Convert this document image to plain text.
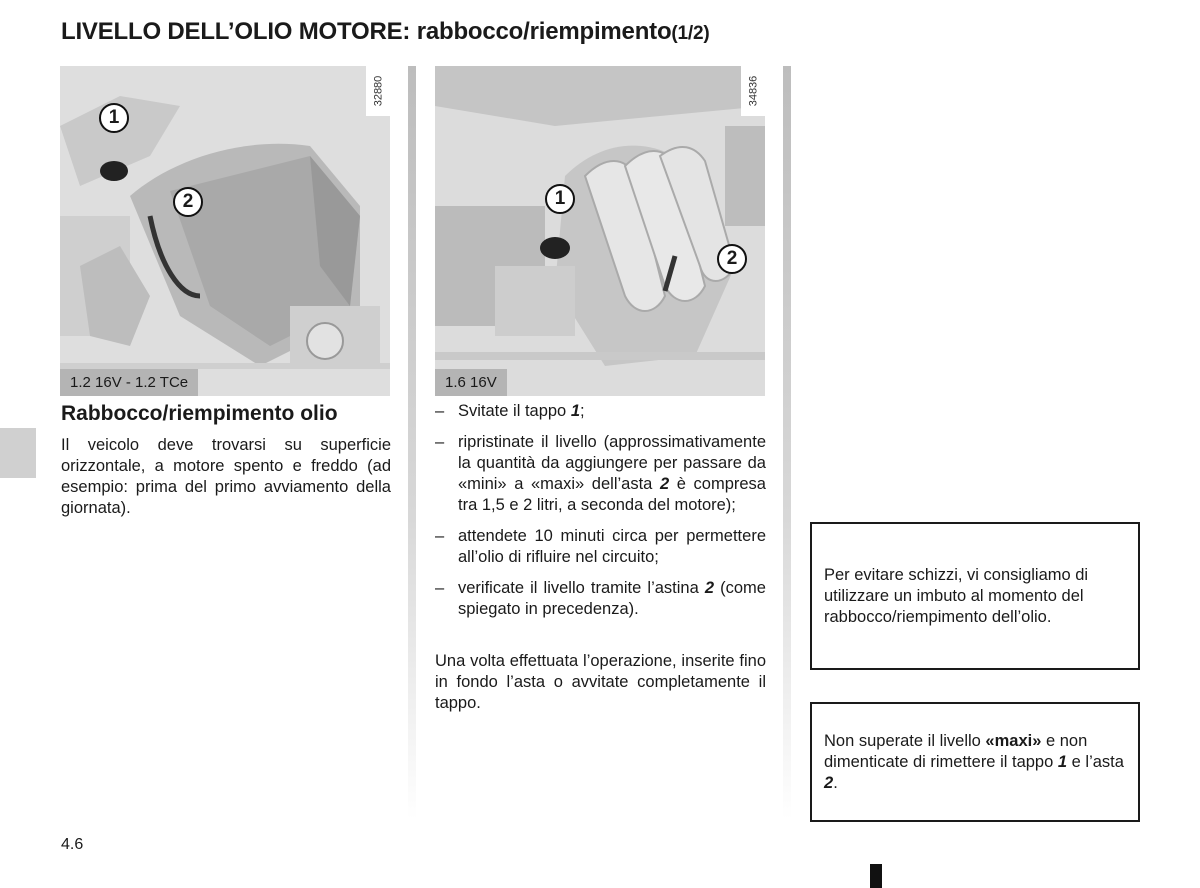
LIVELLO DELL’OLIO MOTORE: rabbocco/riempimento(1/2)
32880
1
2
1.2 16V - 1.2 TCe
34836
1
2
1.6 16V
Rabbocco/riempimento olio

Il veicolo deve trovarsi su superficie orizzontale, a motore spento e freddo (ad esempio: prima del primo avviamento della giornata).

– Svitate il tappo 1;
– ripristinate il livello (approssimativamente la quantità da aggiungere per passare da «mini» a «maxi» dell’asta 2 è compresa tra 1,5 e 2 litri, a seconda del motore);
– attendete 10 minuti circa per permettere all’olio di rifluire nel circuito;
– verificate il livello tramite l’astina 2 (come spiegato in precedenza).

Una volta effettuata l’operazione, inserite fino in fondo l’asta o avvitate completamente il tappo.

Per evitare schizzi, vi consigliamo di utilizzare un imbuto al momento del rabbocco/riempimento dell’olio.

Non superate il livello «maxi» e non dimenticate di rimettere il tappo 1 e l’asta 2.

4.6
